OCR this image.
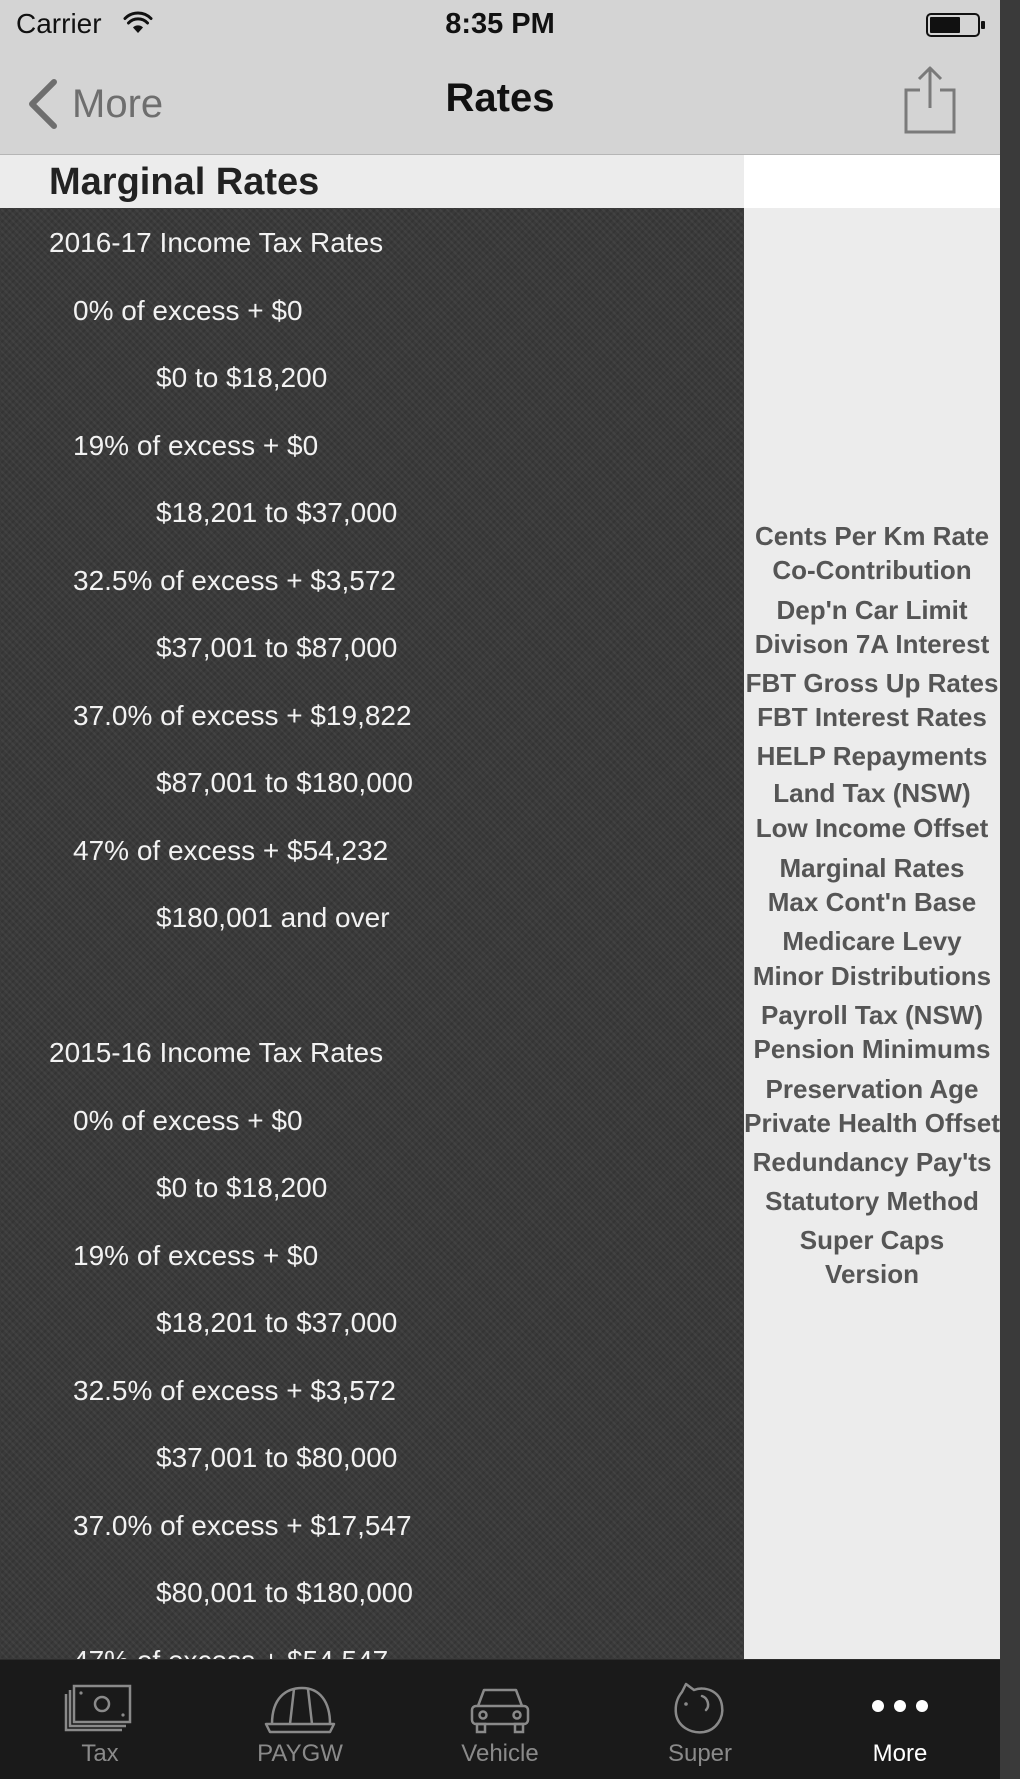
Carrier	8:35 PM
More	Rates
Marginal Rates
2016-17 Income Tax Rates
0% of excess + $0
$0 to $18,200
19% of excess + $0
$18,201 to $37,000
32.5% of excess + $3,572
$37,001 to $87,000
37.0% of excess + $19,822
$87,001 to $180,000
47% of excess + $54,232
$180,001 and over
2015-16 Income Tax Rates
0% of excess + $0
$0 to $18,200
19% of excess + $0
$18,201 to $37,000
32.5% of excess + $3,572
$37,001 to $80,000
37.0% of excess + $17,547
$80,001 to $180,000
Cents Per Km Rate
Co-Contribution
Dep'n Car Limit
Divison 7A Interest
FBT Gross Up Rates
FBT Interest Rates
HELP Repayments
Land Tax (NSW)
Low Income Offset
Marginal Rates
Max Cont'n Base
Medicare Levy
Minor Distributions
Payroll Tax (NSW)
Pension Minimums
Preservation Age
Private Health Offset
Redundancy Pay'ts
Statutory Method
Super Caps
Version
Tax	PAYGW	Vehicle	Super	More
